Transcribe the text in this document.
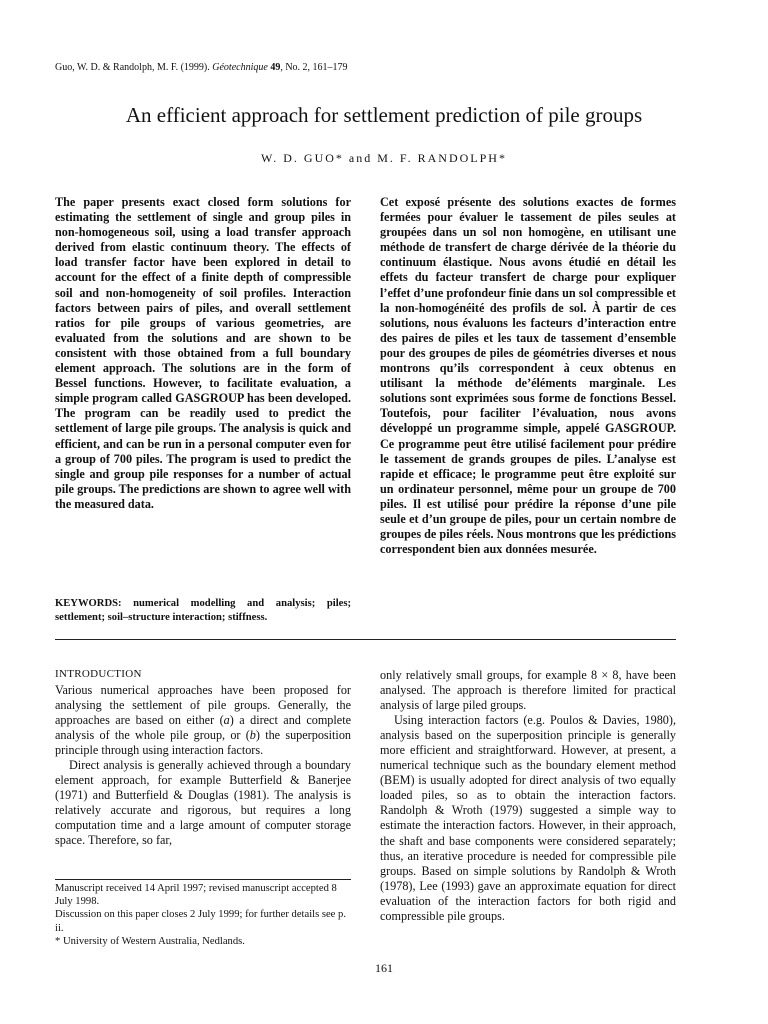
Guo, W. D. & Randolph, M. F. (1999). Géotechnique 49, No. 2, 161–179
An efficient approach for settlement prediction of pile groups
W. D. GUO* and M. F. RANDOLPH*
The paper presents exact closed form solutions for estimating the settlement of single and group piles in non-homogeneous soil, using a load transfer approach derived from elastic continuum theory. The effects of load transfer factor have been explored in detail to account for the effect of a finite depth of compressible soil and non-homogeneity of soil profiles. Interaction factors between pairs of piles, and overall settlement ratios for pile groups of various geometries, are evaluated from the solutions and are shown to be consistent with those obtained from a full boundary element approach. The solutions are in the form of Bessel functions. However, to facilitate evaluation, a simple program called GASGROUP has been developed. The program can be readily used to predict the settlement of large pile groups. The analysis is quick and efficient, and can be run in a personal computer even for a group of 700 piles. The program is used to predict the single and group pile responses for a number of actual pile groups. The predictions are shown to agree well with the measured data.
Cet exposé présente des solutions exactes de formes fermées pour évaluer le tassement de piles seules at groupées dans un sol non homogène, en utilisant une méthode de transfert de charge dérivée de la théorie du continuum élastique. Nous avons étudié en détail les effets du facteur transfert de charge pour expliquer l’effet d’une profondeur finie dans un sol compressible et la non-homogénéité des profils de sol. À partir de ces solutions, nous évaluons les facteurs d’interaction entre des paires de piles et les taux de tassement d’ensemble pour des groupes de piles de géométries diverses et nous montrons qu’ils correspondent à ceux obtenus en utilisant la méthode de’éléments marginale. Les solutions sont exprimées sous forme de fonctions Bessel. Toutefois, pour faciliter l’évaluation, nous avons développé un programme simple, appelé GASGROUP. Ce programme peut être utilisé facilement pour prédire le tassement de grands groupes de piles. L’analyse est rapide et efficace; le programme peut être exploité sur un ordinateur personnel, même pour un groupe de 700 piles. Il est utilisé pour prédire la réponse d’une pile seule et d’un groupe de piles, pour un certain nombre de groupes de piles réels. Nous montrons que les prédictions correspondent bien aux données mesurée.
KEYWORDS: numerical modelling and analysis; piles; settlement; soil–structure interaction; stiffness.
INTRODUCTION

Various numerical approaches have been proposed for analysing the settlement of pile groups. Generally, the approaches are based on either (a) a direct and complete analysis of the whole pile group, or (b) the superposition principle through using interaction factors.

Direct analysis is generally achieved through a boundary element approach, for example Butterfield & Banerjee (1971) and Butterfield & Douglas (1981). The analysis is relatively accurate and rigorous, but requires a long computation time and a large amount of computer storage space. Therefore, so far,

only relatively small groups, for example 8 × 8, have been analysed. The approach is therefore limited for practical analysis of large piled groups.

Using interaction factors (e.g. Poulos & Davies, 1980), analysis based on the superposition principle is generally more efficient and straightforward. However, at present, a numerical technique such as the boundary element method (BEM) is usually adopted for direct analysis of two equally loaded piles, so as to obtain the interaction factors. Randolph & Wroth (1979) suggested a simple way to estimate the interaction factors. However, in their approach, the shaft and base components were considered separately; thus, an iterative procedure is needed for compressible pile groups. Based on simple solutions by Randolph & Wroth (1978), Lee (1993) gave an approximate equation for direct evaluation of the interaction factors for both rigid and compressible pile groups.

Manuscript received 14 April 1997; revised manuscript accepted 8 July 1998.
Discussion on this paper closes 2 July 1999; for further details see p. ii.
* University of Western Australia, Nedlands.
161
